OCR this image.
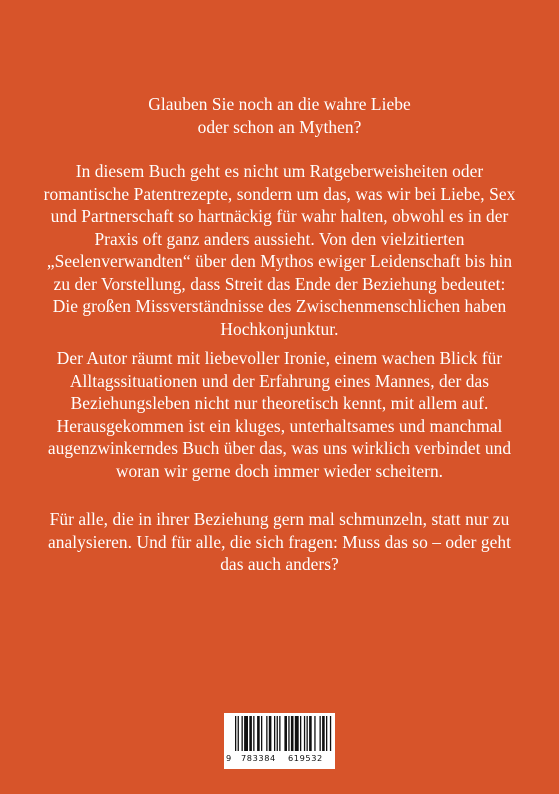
Glauben Sie noch an die wahre Liebe
oder schon an Mythen?

In diesem Buch geht es nicht um Ratgeberweisheiten oder
romantische Patentrezepte, sondern um das, was wir bei Liebe, Sex
und Partnerschaft so hartnäckig für wahr halten, obwohl es in der
Praxis oft ganz anders aussieht. Von den vielzitierten
„Seelenverwandten“ über den Mythos ewiger Leidenschaft bis hin
zu der Vorstellung, dass Streit das Ende der Beziehung bedeutet:
Die großen Missverständnisse des Zwischenmenschlichen haben
Hochkonjunktur.

Der Autor räumt mit liebevoller Ironie, einem wachen Blick für
Alltagssituationen und der Erfahrung eines Mannes, der das
Beziehungsleben nicht nur theoretisch kennt, mit allem auf.
Herausgekommen ist ein kluges, unterhaltsames und manchmal
augenzwinkerndes Buch über das, was uns wirklich verbindet und
woran wir gerne doch immer wieder scheitern.

Für alle, die in ihrer Beziehung gern mal schmunzeln, statt nur zu
analysieren. Und für alle, die sich fragen: Muss das so – oder geht
das auch anders?

9 783384 619532
